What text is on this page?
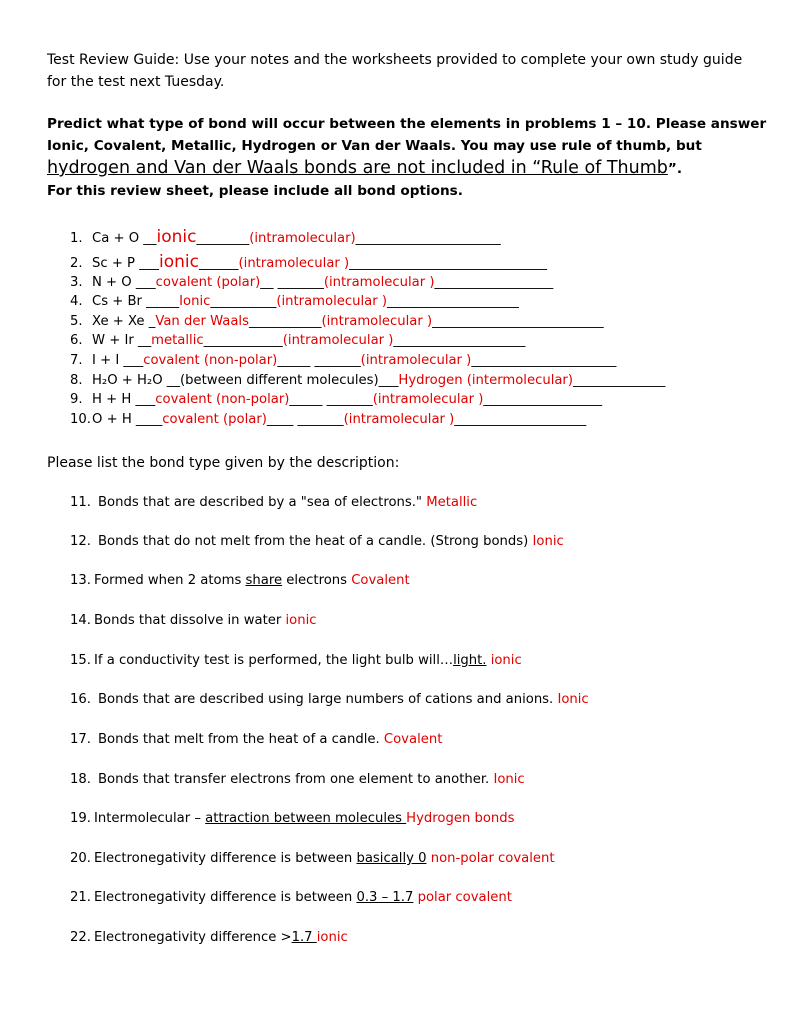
Test Review Guide: Use your notes and the worksheets provided to complete your own study guide for the test next Tuesday.
Predict what type of bond will occur between the elements in problems 1 – 10. Please answer Ionic, Covalent, Metallic, Hydrogen or Van der Waals. You may use rule of thumb, but hydrogen and Van der Waals bonds are not included in “Rule of Thumb”.
For this review sheet, please include all bond options.
1. Ca + O __ionic________(intramolecular)______________________
2. Sc + P ___ionic______(intramolecular )______________________________
3. N + O ___covalent (polar)__ _______(intramolecular )__________________
4. Cs + Br _____Ionic__________(intramolecular )____________________
5. Xe + Xe _Van der Waals___________(intramolecular )__________________________
6. W + Ir __metallic____________(intramolecular )____________________
7. I + I ___covalent (non-polar)_____ _______(intramolecular )______________________
8. H₂O + H₂O __(between different molecules)___Hydrogen (intermolecular)______________
9. H + H ___covalent (non-polar)_____ _______(intramolecular )__________________
10.O + H ____covalent (polar)____ _______(intramolecular )____________________
Please list the bond type given by the description:
11. Bonds that are described by a "sea of electrons." Metallic
12. Bonds that do not melt from the heat of a candle. (Strong bonds) Ionic
13. Formed when 2 atoms share electrons Covalent
14. Bonds that dissolve in water ionic
15. If a conductivity test is performed, the light bulb will…light. ionic
16. Bonds that are described using large numbers of cations and anions. Ionic
17. Bonds that melt from the heat of a candle. Covalent
18. Bonds that transfer electrons from one element to another. Ionic
19. Intermolecular – attraction between molecules Hydrogen bonds
20. Electronegativity difference is between basically 0 non-polar covalent
21. Electronegativity difference is between 0.3 – 1.7 polar covalent
22. Electronegativity difference >1.7 ionic
